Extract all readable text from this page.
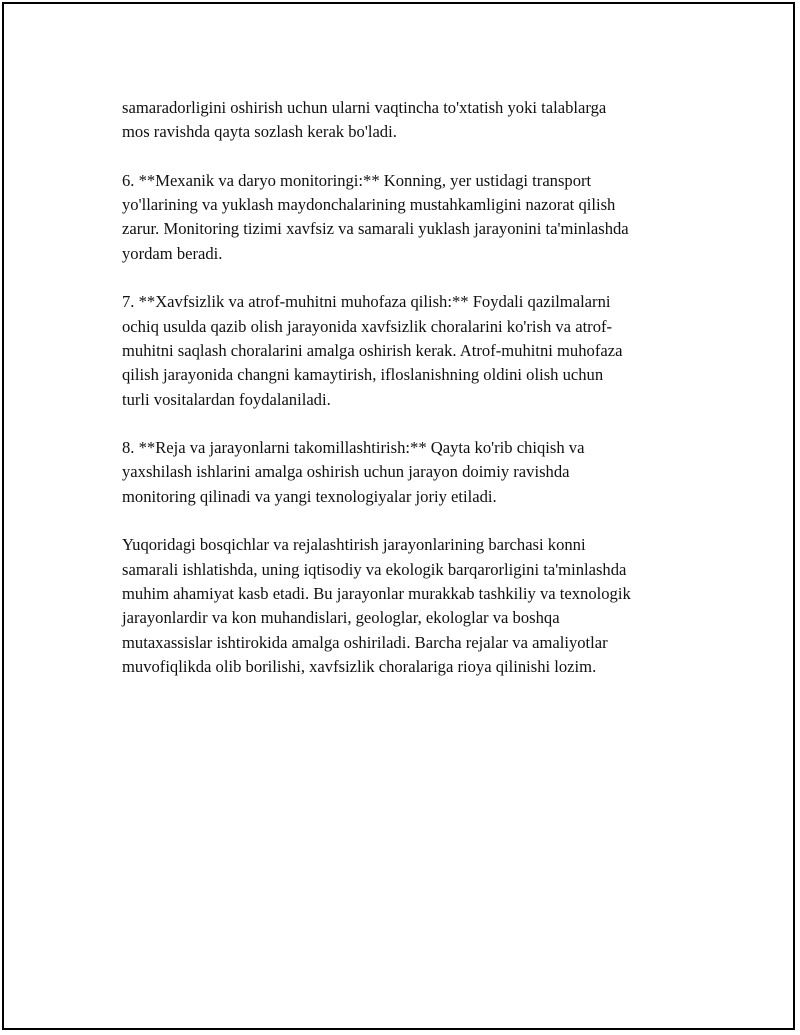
samaradorligini oshirish uchun ularni vaqtincha to'xtatish yoki talablarga
mos ravishda qayta sozlash kerak bo'ladi.

6. **Mexanik va daryo monitoringi:** Konning, yer ustidagi transport
yo'llarining va yuklash maydonchalarining mustahkamligini nazorat qilish
zarur. Monitoring tizimi xavfsiz va samarali yuklash jarayonini ta'minlashda
yordam beradi.

7. **Xavfsizlik va atrof-muhitni muhofaza qilish:** Foydali qazilmalarni
ochiq usulda qazib olish jarayonida xavfsizlik choralarini ko'rish va atrof-
muhitni saqlash choralarini amalga oshirish kerak. Atrof-muhitni muhofaza
qilish jarayonida changni kamaytirish, ifloslanishning oldini olish uchun
turli vositalardan foydalaniladi.

8. **Reja va jarayonlarni takomillashtirish:** Qayta ko'rib chiqish va
yaxshilash ishlarini amalga oshirish uchun jarayon doimiy ravishda
monitoring qilinadi va yangi texnologiyalar joriy etiladi.

Yuqoridagi bosqichlar va rejalashtirish jarayonlarining barchasi konni
samarali ishlatishda, uning iqtisodiy va ekologik barqarorligini ta'minlashda
muhim ahamiyat kasb etadi. Bu jarayonlar murakkab tashkiliy va texnologik
jarayonlardir va kon muhandislari, geologlar, ekologlar va boshqa
mutaxassislar ishtirokida amalga oshiriladi. Barcha rejalar va amaliyotlar
muvofiqlikda olib borilishi, xavfsizlik choralariga rioya qilinishi lozim.
